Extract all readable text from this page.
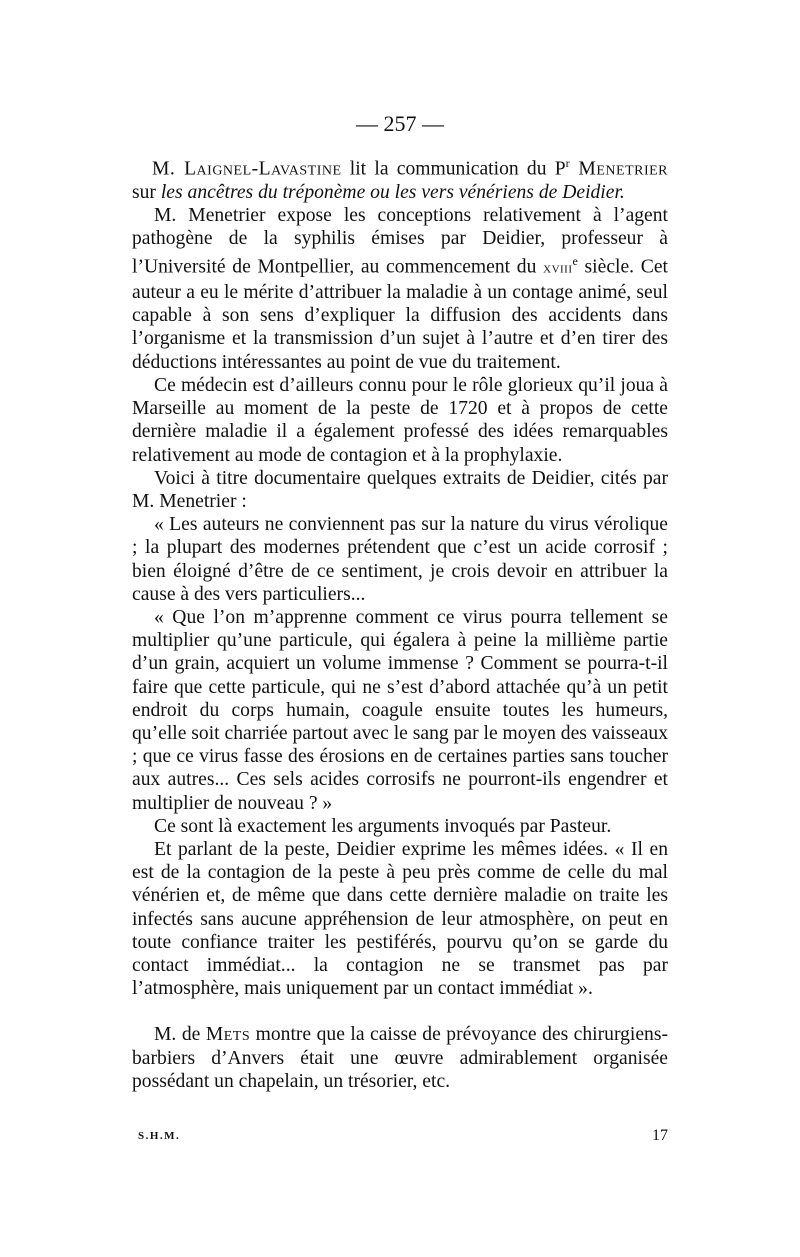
— 257 —

M. Laignel-Lavastine lit la communication du $P^r$ Menetrier sur les ancêtres du tréponème ou les vers vénériens de Deidier.

M. Menetrier expose les conceptions relativement à l’agent pathogène de la syphilis émises par Deidier, professeur à l’Université de Montpellier, au commencement du xviii$^e$ siècle. Cet auteur a eu le mérite d’attribuer la maladie à un contage animé, seul capable à son sens d’expliquer la diffusion des accidents dans l’organisme et la transmission d’un sujet à l’autre et d’en tirer des déductions intéressantes au point de vue du traitement.

Ce médecin est d’ailleurs connu pour le rôle glorieux qu’il joua à Marseille au moment de la peste de 1720 et à propos de cette dernière maladie il a également professé des idées remarquables relativement au mode de contagion et à la prophylaxie.

Voici à titre documentaire quelques extraits de Deidier, cités par M. Menetrier :

« Les auteurs ne conviennent pas sur la nature du virus vérolique ; la plupart des modernes prétendent que c’est un acide corrosif ; bien éloigné d’être de ce sentiment, je crois devoir en attribuer la cause à des vers particuliers...

« Que l’on m’apprenne comment ce virus pourra tellement se multiplier qu’une particule, qui égalera à peine la millième partie d’un grain, acquiert un volume immense ? Comment se pourra-t-il faire que cette particule, qui ne s’est d’abord attachée qu’à un petit endroit du corps humain, coagule ensuite toutes les humeurs, qu’elle soit charriée partout avec le sang par le moyen des vaisseaux ; que ce virus fasse des érosions en de certaines parties sans toucher aux autres... Ces sels acides corrosifs ne pourront-ils engendrer et multiplier de nouveau ? »

Ce sont là exactement les arguments invoqués par Pasteur.

Et parlant de la peste, Deidier exprime les mêmes idées. « Il en est de la contagion de la peste à peu près comme de celle du mal vénérien et, de même que dans cette dernière maladie on traite les infectés sans aucune appréhension de leur atmosphère, on peut en toute confiance traiter les pestiférés, pourvu qu’on se garde du contact immédiat... la contagion ne se transmet pas par l’atmosphère, mais uniquement par un contact immédiat ».

M. de Mets montre que la caisse de prévoyance des chirurgiens-barbiers d’Anvers était une œuvre admirablement organisée possédant un chapelain, un trésorier, etc.

S.H.M.	17
